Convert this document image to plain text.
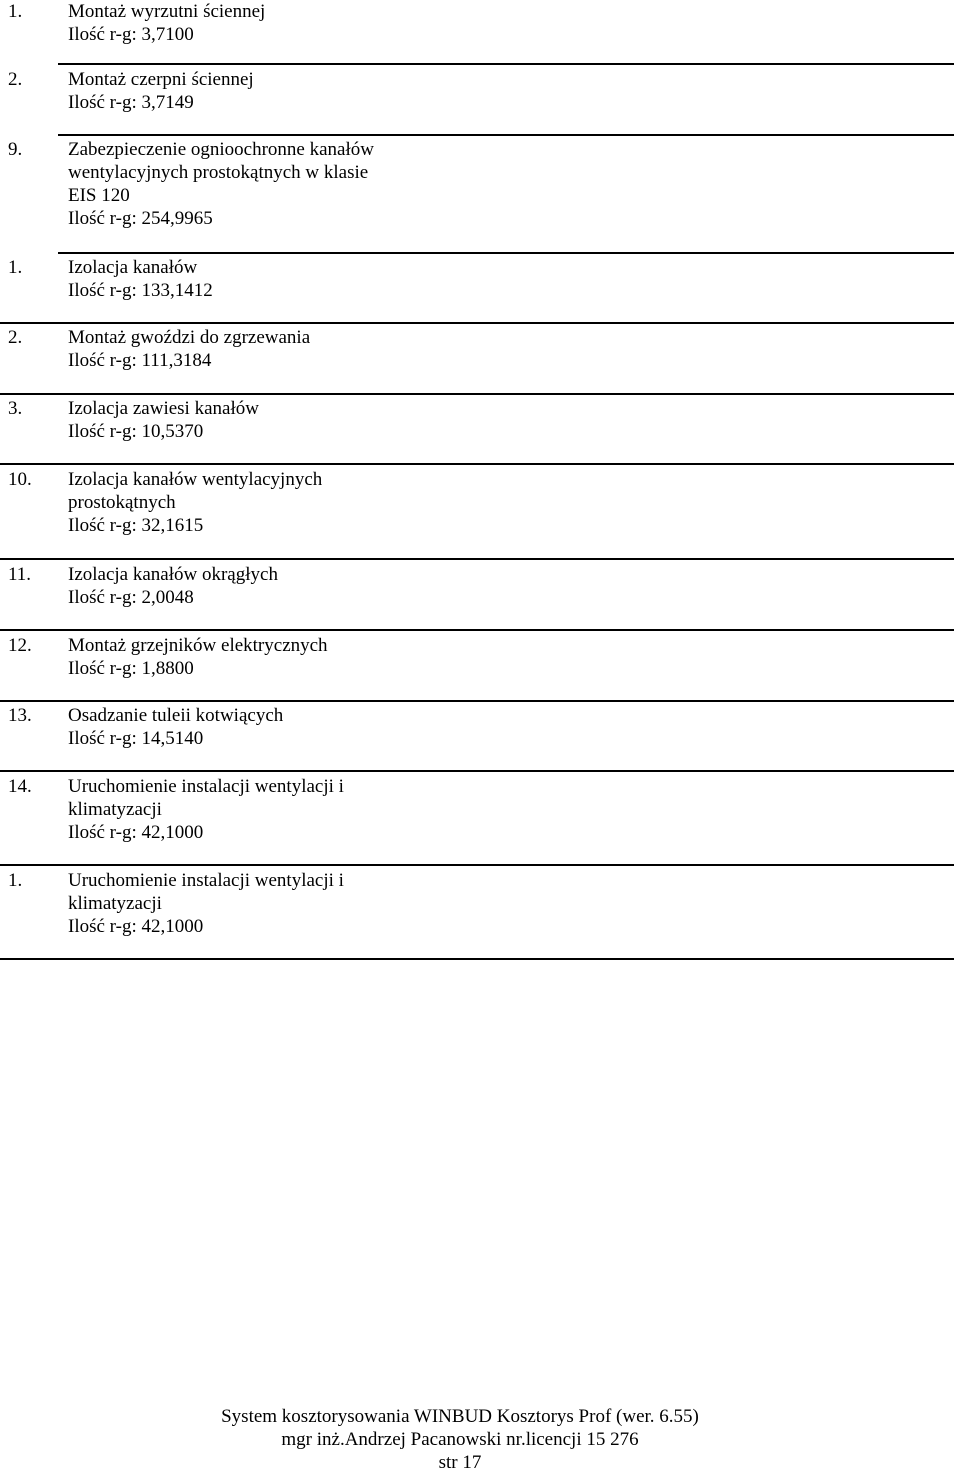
1. Montaż wyrzutni ściennej
Ilość r-g: 3,7100
2. Montaż czerpni ściennej
Ilość r-g: 3,7149
9. Zabezpieczenie ognioochronne kanałów
wentylacyjnych prostokątnych w klasie
EIS 120
Ilość r-g: 254,9965
1. Izolacja kanałów
Ilość r-g: 133,1412
2. Montaż gwoździ do zgrzewania
Ilość r-g: 111,3184
3. Izolacja zawiesi kanałów
Ilość r-g: 10,5370
10. Izolacja kanałów wentylacyjnych
prostokątnych
Ilość r-g: 32,1615
11. Izolacja kanałów okrągłych
Ilość r-g: 2,0048
12. Montaż grzejników elektrycznych
Ilość r-g: 1,8800
13. Osadzanie tuleii kotwiących
Ilość r-g: 14,5140
14. Uruchomienie instalacji wentylacji i
klimatyzacji
Ilość r-g: 42,1000
1. Uruchomienie instalacji wentylacji i
klimatyzacji
Ilość r-g: 42,1000
System kosztorysowania WINBUD Kosztorys Prof (wer. 6.55)
mgr inż.Andrzej Pacanowski nr.licencji 15 276
str 17
